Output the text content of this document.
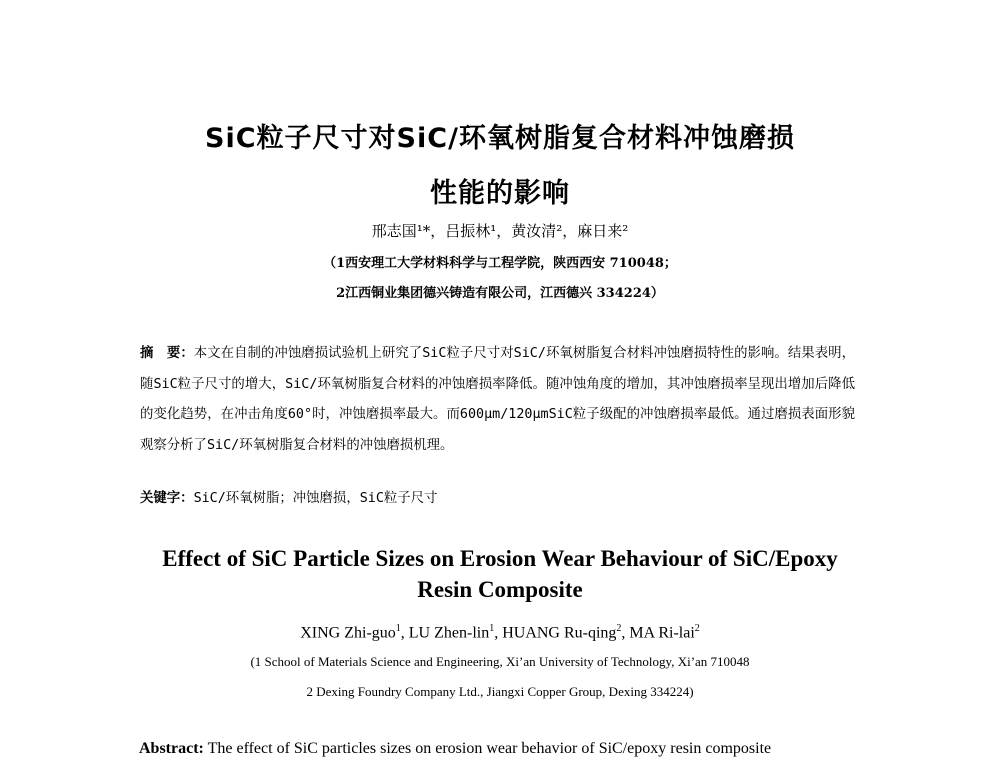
SiC粒子尺寸对SiC/环氧树脂复合材料冲蚀磨损
性能的影响
邢志国¹*，吕振林¹，黄汝清²，麻日来²
（1西安理工大学材料科学与工程学院，陕西西安 710048；
2江西铜业集团德兴铸造有限公司，江西德兴 334224）
摘　要：本文在自制的冲蚀磨损试验机上研究了SiC粒子尺寸对SiC/环氧树脂复合材料冲蚀磨损特性的影响。结果表明，随SiC粒子尺寸的增大，SiC/环氧树脂复合材料的冲蚀磨损率降低。随冲蚀角度的增加，其冲蚀磨损率呈现出增加后降低的变化趋势，在冲击角度60°时，冲蚀磨损率最大。而600μm/120μmSiC粒子级配的冲蚀磨损率最低。通过磨损表面形貌观察分析了SiC/环氧树脂复合材料的冲蚀磨损机理。
关键字：SiC/环氧树脂；冲蚀磨损，SiC粒子尺寸
Effect of SiC Particle Sizes on Erosion Wear Behaviour of SiC/Epoxy
Resin Composite
XING Zhi-guo$^1$, LU Zhen-lin$^1$, HUANG Ru-qing$^2$, MA Ri-lai$^2$
(1 School of Materials Science and Engineering, Xi’an University of Technology, Xi’an 710048
2 Dexing Foundry Company Ltd., Jiangxi Copper Group, Dexing 334224)
Abstract: The effect of SiC particles sizes on erosion wear behavior of SiC/epoxy resin composite
